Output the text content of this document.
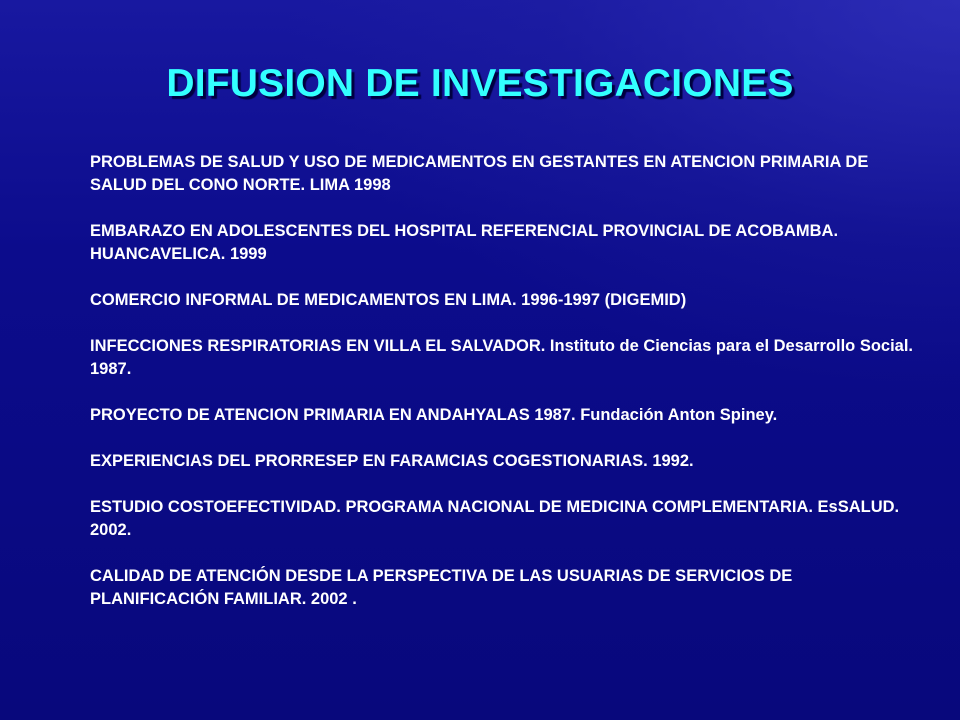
DIFUSION DE INVESTIGACIONES
PROBLEMAS DE SALUD Y USO DE MEDICAMENTOS EN GESTANTES EN ATENCION PRIMARIA DE SALUD DEL CONO NORTE. LIMA 1998
EMBARAZO EN ADOLESCENTES DEL HOSPITAL REFERENCIAL PROVINCIAL DE ACOBAMBA. HUANCAVELICA. 1999
COMERCIO INFORMAL DE MEDICAMENTOS EN LIMA. 1996-1997 (DIGEMID)
INFECCIONES RESPIRATORIAS EN VILLA EL SALVADOR. Instituto de Ciencias para el Desarrollo Social. 1987.
PROYECTO DE ATENCION PRIMARIA EN ANDAHYALAS 1987. Fundación Anton Spiney.
EXPERIENCIAS DEL PRORRESEP EN FARAMCIAS COGESTIONARIAS. 1992.
ESTUDIO COSTOEFECTIVIDAD. PROGRAMA NACIONAL DE MEDICINA COMPLEMENTARIA. EsSALUD. 2002.
CALIDAD DE ATENCIÓN DESDE LA PERSPECTIVA DE LAS USUARIAS DE SERVICIOS DE PLANIFICACIÓN FAMILIAR. 2002 .
